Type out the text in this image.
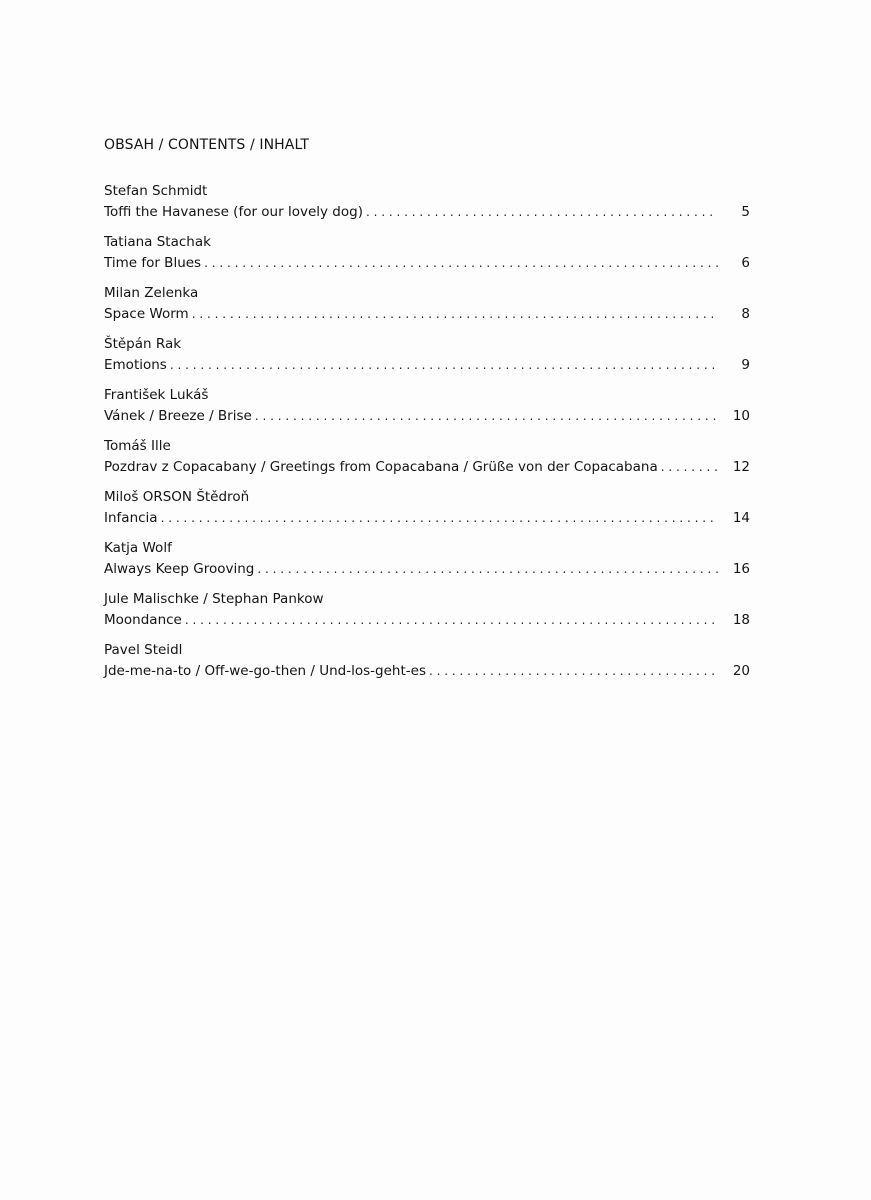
OBSAH / CONTENTS / INHALT
Stefan Schmidt
Toffi the Havanese (for our lovely dog) . . .	5
Tatiana Stachak
Time for Blues . . .	6
Milan Zelenka
Space Worm . . .	8
Štěpán Rak
Emotions . . .	9
František Lukáš
Vánek / Breeze / Brise . . .	10
Tomáš Ille
Pozdrav z Copacabany / Greetings from Copacabana / Grüße von der Copacabana . . .	12
Miloš ORSON Štědroň
Infancia . . .	14
Katja Wolf
Always Keep Grooving . . .	16
Jule Malischke / Stephan Pankow
Moondance . . .	18
Pavel Steidl
Jde-me-na-to / Off-we-go-then / Und-los-geht-es . . .	20
